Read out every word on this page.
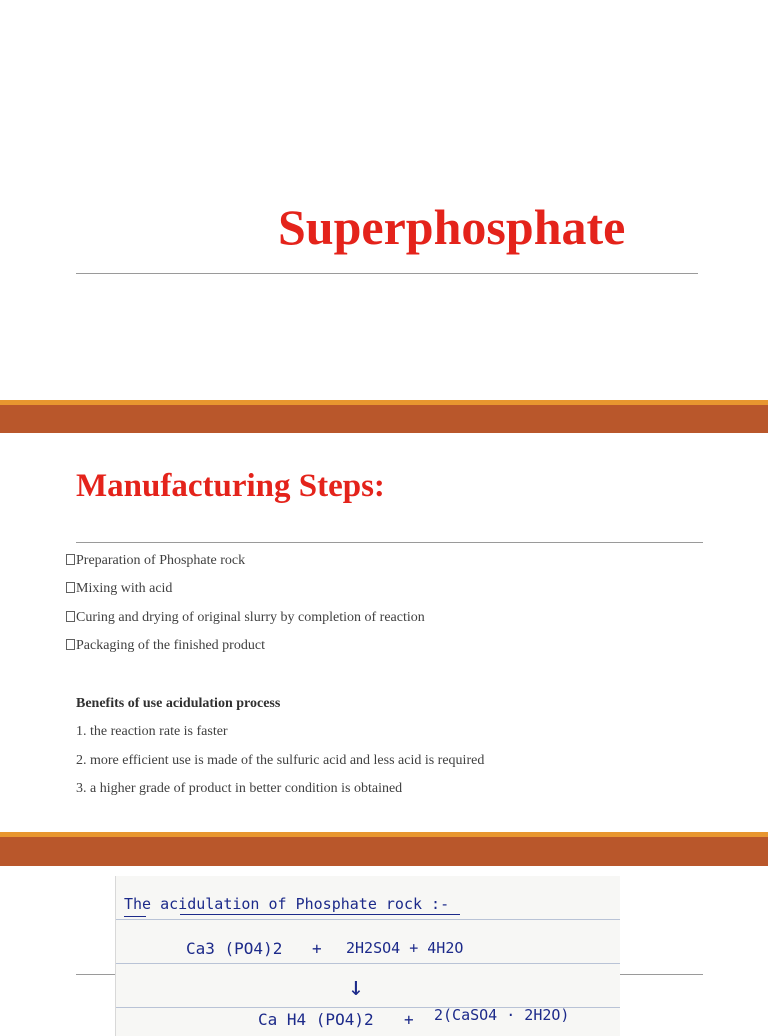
Superphosphate
Manufacturing Steps:
Preparation of Phosphate rock
Mixing with acid
Curing and drying of original slurry by completion of reaction
Packaging of the finished product
Benefits of use acidulation process
1. the reaction rate is faster
2. more efficient use is made of the sulfuric acid and less acid is required
3. a higher grade of product in better condition is obtained
The acidulation of Phosphate rock :-
Ca3 (PO4)2 + 2H2SO4 + 4H2O
↓
Ca H4 (PO4)2 + 2(CaSO4 · 2H2O)
